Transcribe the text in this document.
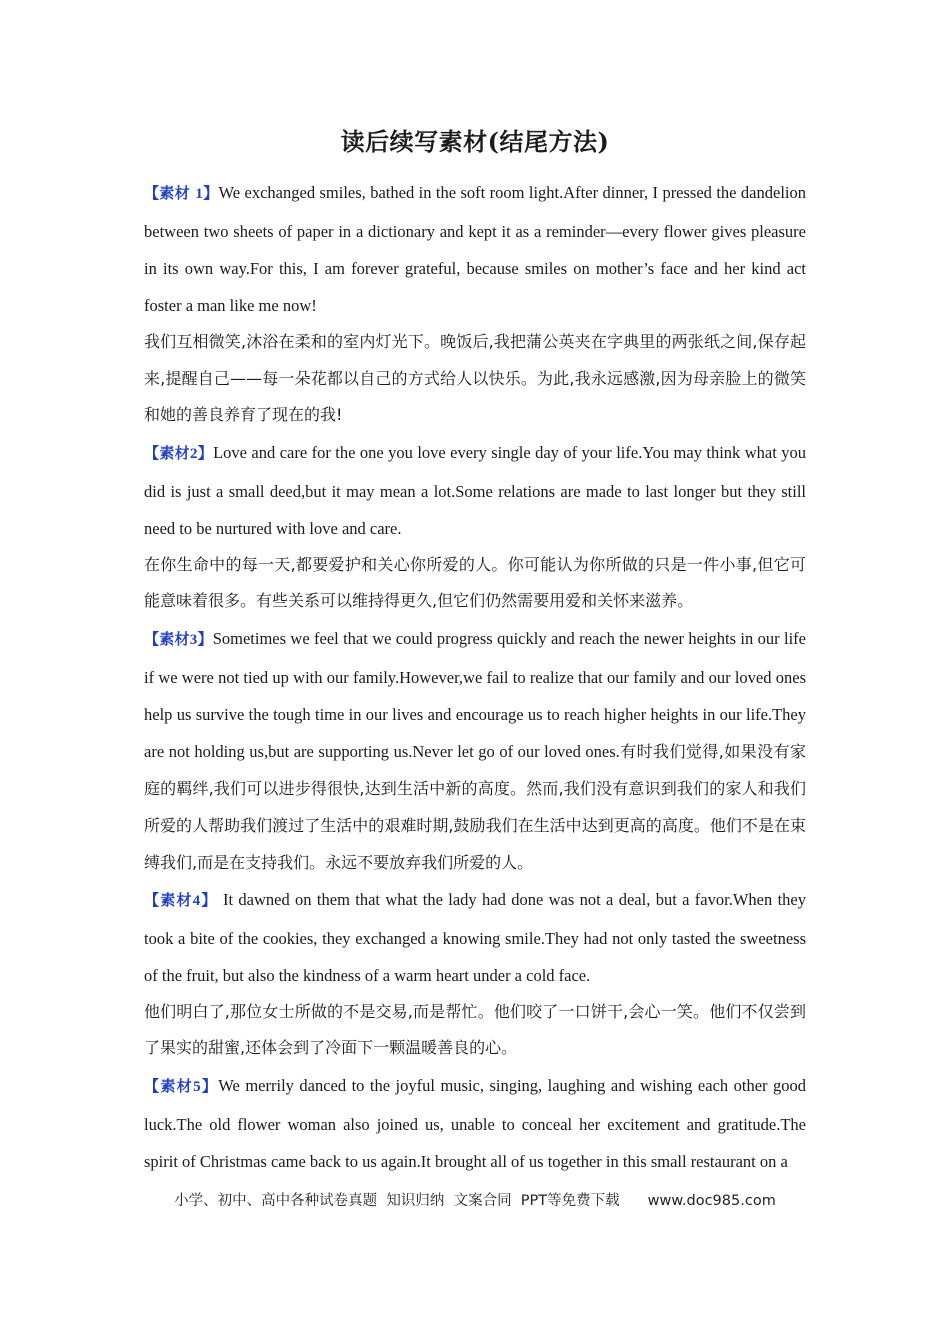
读后续写素材(结尾方法)

【素材 1】We exchanged smiles, bathed in the soft room light.After dinner, I pressed the dandelion between two sheets of paper in a dictionary and kept it as a reminder—every flower gives pleasure in its own way.For this, I am forever grateful, because smiles on mother’s face and her kind act foster a man like me now!

我们互相微笑,沐浴在柔和的室内灯光下。晚饭后,我把蒲公英夹在字典里的两张纸之间,保存起来,提醒自己——每一朵花都以自己的方式给人以快乐。为此,我永远感激,因为母亲脸上的微笑和她的善良养育了现在的我!

【素材2】Love and care for the one you love every single day of your life.You may think what you did is just a small deed,but it may mean a lot.Some relations are made to last longer but they still need to be nurtured with love and care.

在你生命中的每一天,都要爱护和关心你所爱的人。你可能认为你所做的只是一件小事,但它可能意味着很多。有些关系可以维持得更久,但它们仍然需要用爱和关怀来滋养。

【素材3】Sometimes we feel that we could progress quickly and reach the newer heights in our life if we were not tied up with our family.However,we fail to realize that our family and our loved ones help us survive the tough time in our lives and encourage us to reach higher heights in our life.They are not holding us,but are supporting us.Never let go of our loved ones.有时我们觉得,如果没有家庭的羁绊,我们可以进步得很快,达到生活中新的高度。然而,我们没有意识到我们的家人和我们所爱的人帮助我们渡过了生活中的艰难时期,鼓励我们在生活中达到更高的高度。他们不是在束缚我们,而是在支持我们。永远不要放弃我们所爱的人。

【素材4】 It dawned on them that what the lady had done was not a deal, but a favor.When they took a bite of the cookies, they exchanged a knowing smile.They had not only tasted the sweetness of the fruit, but also the kindness of a warm heart under a cold face.

他们明白了,那位女士所做的不是交易,而是帮忙。他们咬了一口饼干,会心一笑。他们不仅尝到了果实的甜蜜,还体会到了冷面下一颗温暖善良的心。

【素材5】We merrily danced to the joyful music, singing, laughing and wishing each other good luck.The old flower woman also joined us, unable to conceal her excitement and gratitude.The spirit of Christmas came back to us again.It brought all of us together in this small restaurant on a

小学、初中、高中各种试卷真题  知识归纳  文案合同  PPT等免费下载 www.doc985.com
